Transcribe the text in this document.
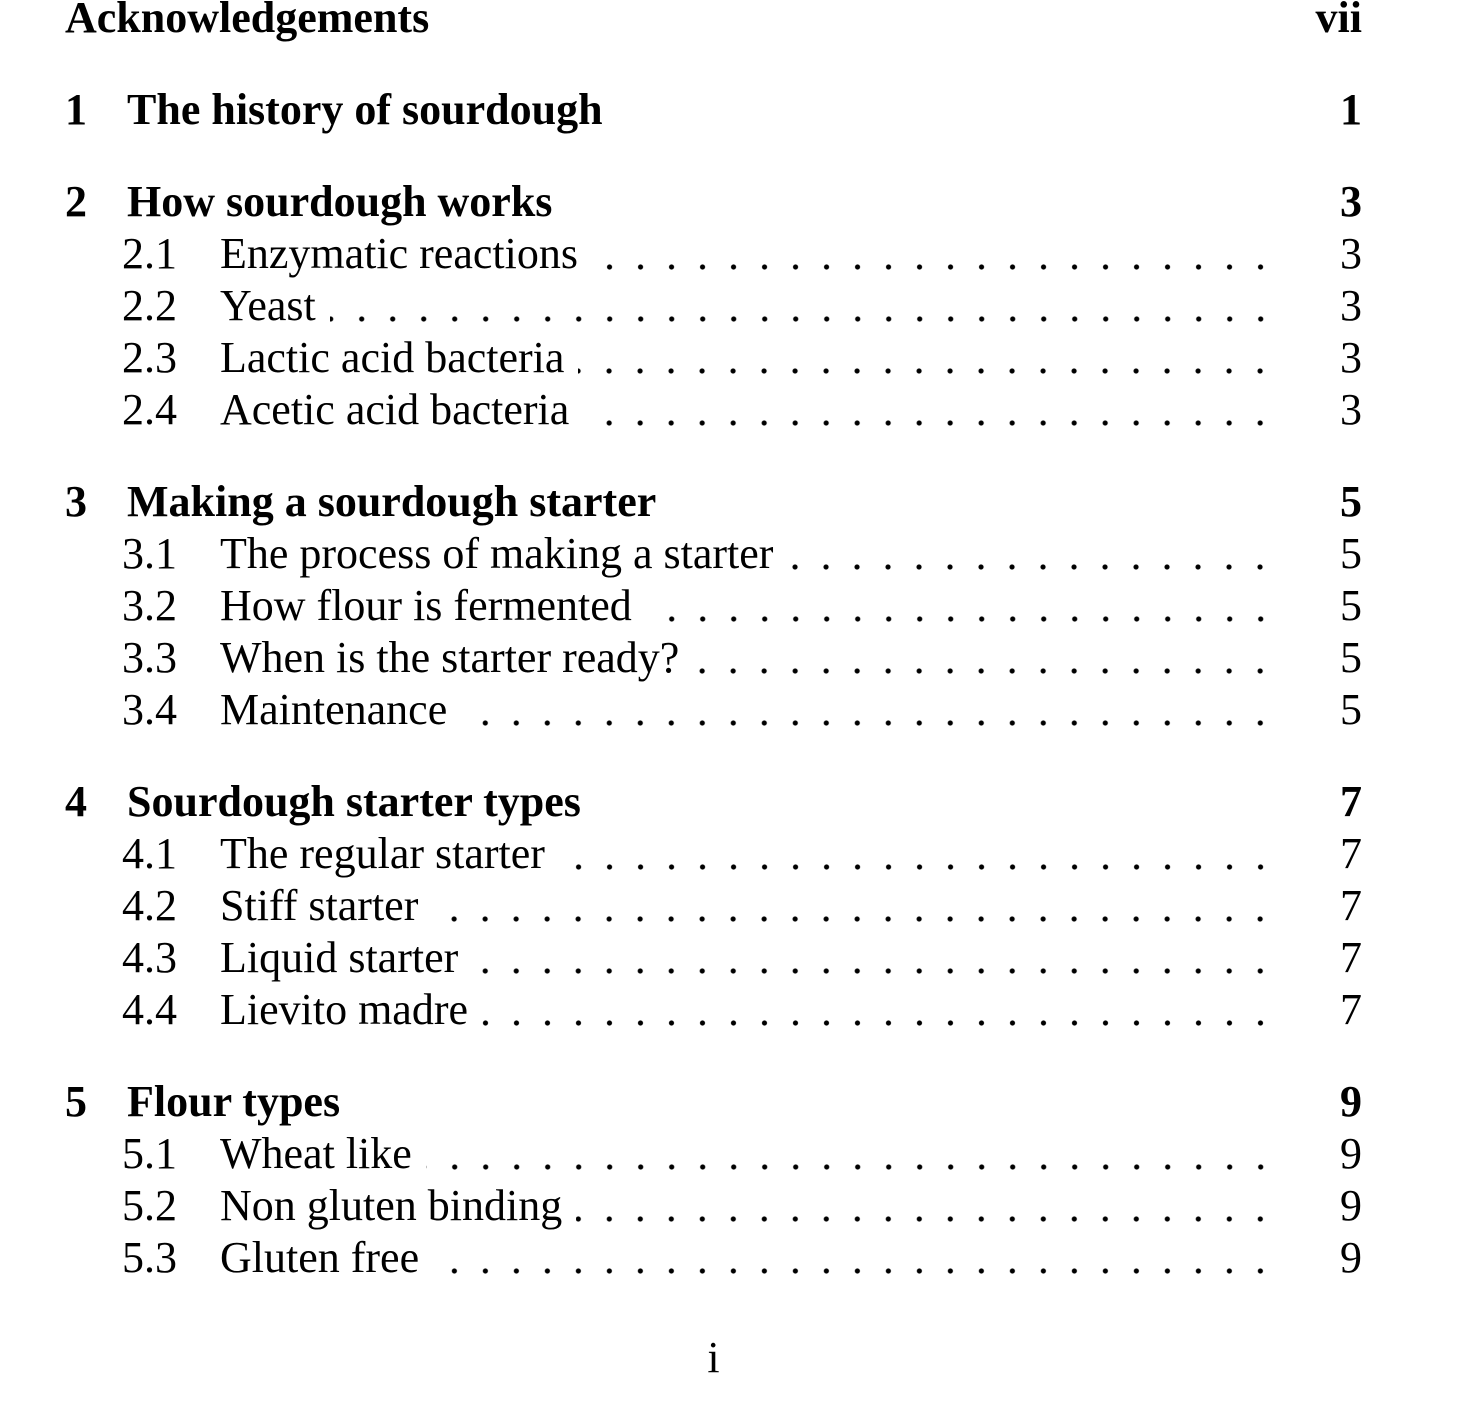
Acknowledgements	vii
1 The history of sourdough	1
2 How sourdough works	3
2.1 Enzymatic reactions	3
2.2 Yeast	3
2.3 Lactic acid bacteria	3
2.4 Acetic acid bacteria	3
3 Making a sourdough starter	5
3.1 The process of making a starter	5
3.2 How flour is fermented	5
3.3 When is the starter ready?	5
3.4 Maintenance	5
4 Sourdough starter types	7
4.1 The regular starter	7
4.2 Stiff starter	7
4.3 Liquid starter	7
4.4 Lievito madre	7
5 Flour types	9
5.1 Wheat like	9
5.2 Non gluten binding	9
5.3 Gluten free	9
i
